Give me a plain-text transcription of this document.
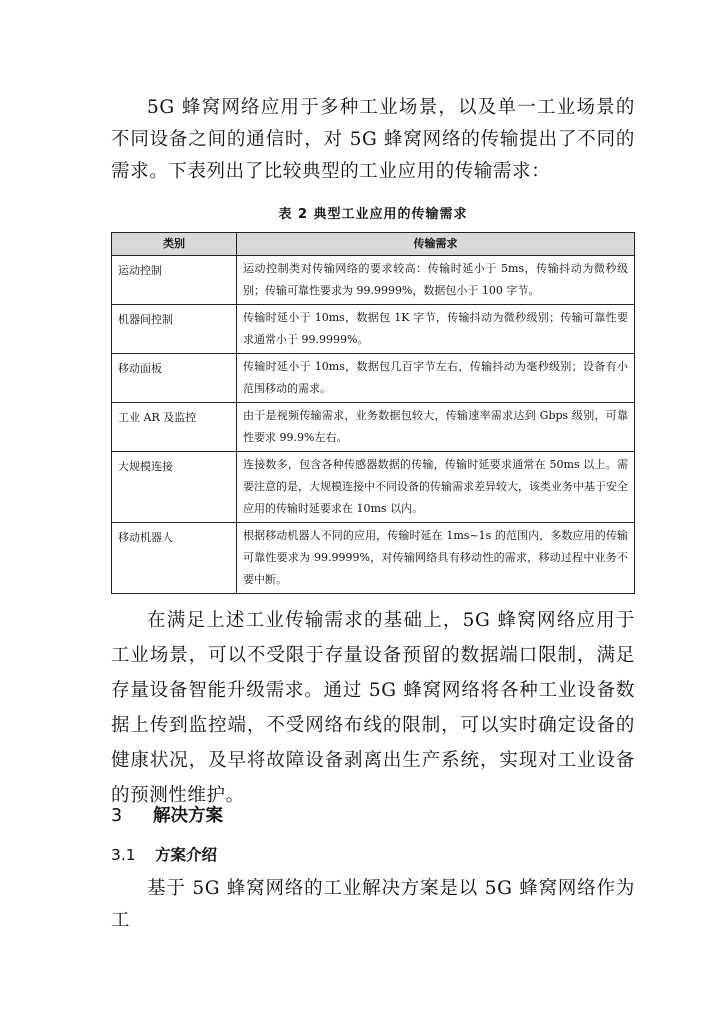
5G 蜂窝网络应用于多种工业场景，以及单一工业场景的不同设备之间的通信时，对 5G 蜂窝网络的传输提出了不同的需求。下表列出了比较典型的工业应用的传输需求：

表 2 典型工业应用的传输需求
类别	传输需求
运动控制	运动控制类对传输网络的要求较高：传输时延小于 5ms，传输抖动为微秒级别；传输可靠性要求为 99.9999%，数据包小于 100 字节。
机器间控制	传输时延小于 10ms，数据包 1K 字节，传输抖动为微秒级别；传输可靠性要求通常小于 99.9999%。
移动面板	传输时延小于 10ms，数据包几百字节左右，传输抖动为毫秒级别；设备有小范围移动的需求。
工业 AR 及监控	由于是视频传输需求，业务数据包较大，传输速率需求达到 Gbps 级别，可靠性要求 99.9%左右。
大规模连接	连接数多，包含各种传感器数据的传输，传输时延要求通常在 50ms 以上。需要注意的是，大规模连接中不同设备的传输需求差异较大，该类业务中基于安全应用的传输时延要求在 10ms 以内。
移动机器人	根据移动机器人不同的应用，传输时延在 1ms~1s 的范围内，多数应用的传输可靠性要求为 99.9999%，对传输网络具有移动性的需求，移动过程中业务不要中断。

在满足上述工业传输需求的基础上，5G 蜂窝网络应用于工业场景，可以不受限于存量设备预留的数据端口限制，满足存量设备智能升级需求。通过 5G 蜂窝网络将各种工业设备数据上传到监控端，不受网络布线的限制，可以实时确定设备的健康状况，及早将故障设备剥离出生产系统，实现对工业设备的预测性维护。

3 解决方案
3.1 方案介绍

基于 5G 蜂窝网络的工业解决方案是以 5G 蜂窝网络作为工
